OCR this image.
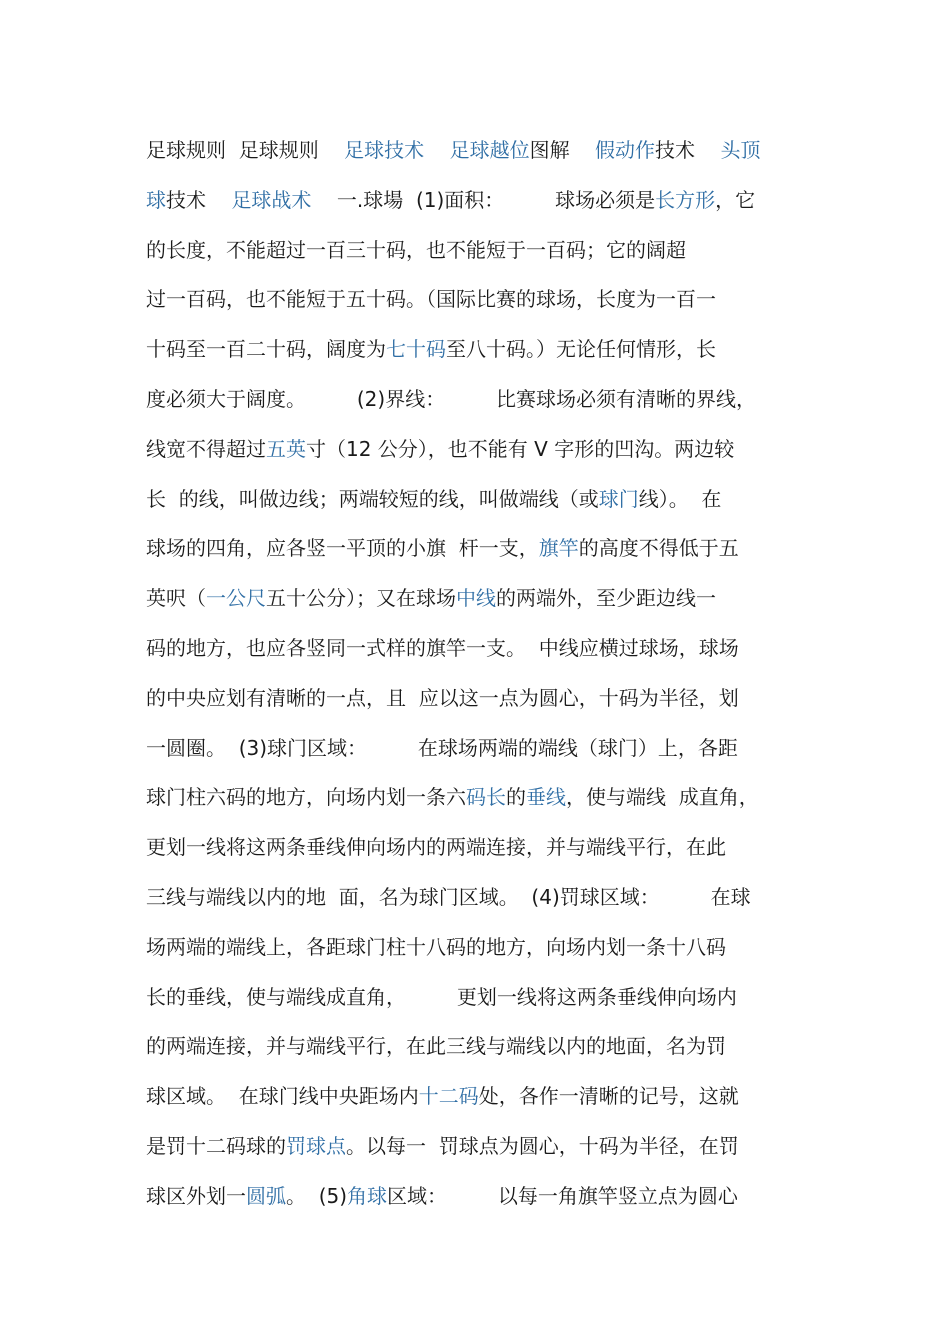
足球规则  足球规则    足球技术 足球越位图解    假动作技术    头顶
球技术    足球战术    一.球場  (1)面积：        球场必须是长方形，它
的长度，不能超过一百三十码，也不能短于一百码；它的阔超
过一百码，也不能短于五十码。（国际比赛的球场，长度为一百一
十码至一百二十码，阔度为七十码至八十码。）无论任何情形，长
度必须大于阔度。        (2)界线：        比赛球场必须有清晰的界线，
线宽不得超过五英寸（12 公分），也不能有 V 字形的凹沟。两边较
长  的线，叫做边线；两端较短的线，叫做端线（或球门线）。  在
球场的四角，应各竖一平顶的小旗  杆一支，旗竿的高度不得低于五
英呎（一公尺五十公分）；又在球场中线的两端外，至少距边线一
码的地方，也应各竖同一式样的旗竿一支。  中线应横过球场，球场
的中央应划有清晰的一点，且  应以这一点为圆心，十码为半径，划
一圆圈。  (3)球门区域：        在球场两端的端线（球门）上，各距
球门柱六码的地方，向场内划一条六码长的垂线，使与端线  成直角，
更划一线将这两条垂线伸向场内的两端连接，并与端线平行，在此
三线与端线以内的地  面，名为球门区域。  (4)罚球区域：        在球
场两端的端线上，各距球门柱十八码的地方，向场内划一条十八码
长的垂线，使与端线成直角，        更划一线将这两条垂线伸向场内
的两端连接，并与端线平行，在此三线与端线以内的地面，名为罚
球区域。  在球门线中央距场内十二码处，各作一清晰的记号，这就
是罚十二码球的罚球点。以每一  罚球点为圆心，十码为半径，在罚
球区外划一圆弧。  (5)角球区域：        以每一角旗竿竖立点为圆心
